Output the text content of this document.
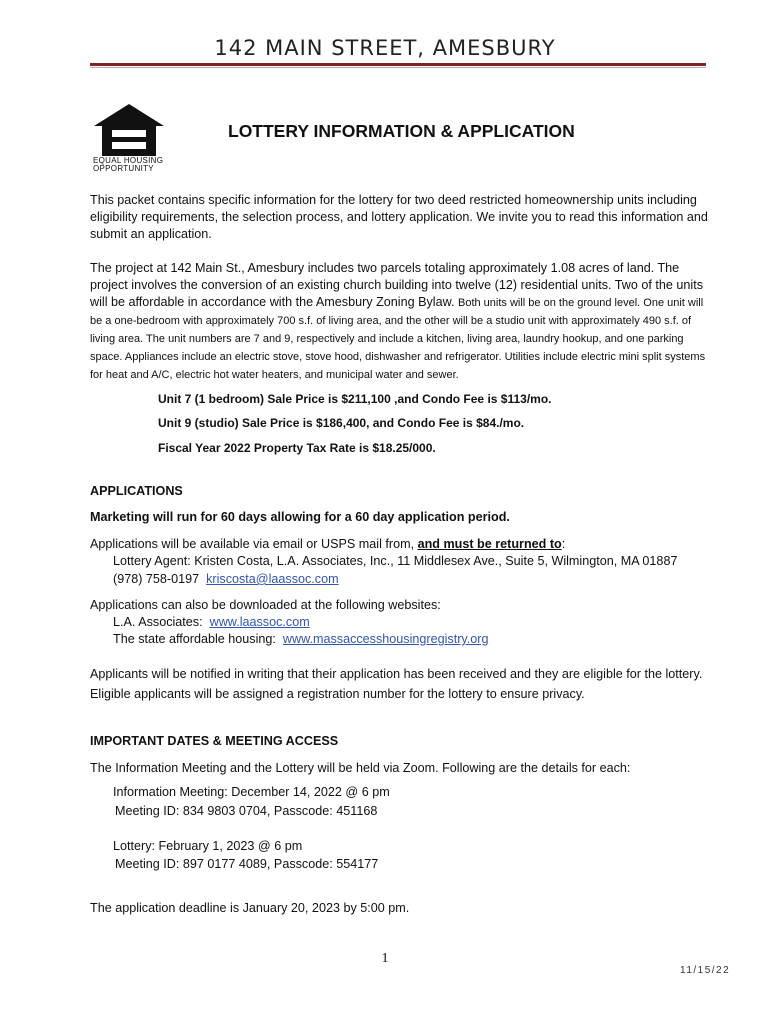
142 MAIN STREET, AMESBURY
EQUAL HOUSING
OPPORTUNITY
LOTTERY INFORMATION & APPLICATION

This packet contains specific information for the lottery for two deed restricted homeownership units including eligibility requirements, the selection process, and lottery application. We invite you to read this information and submit an application.

The project at 142 Main St., Amesbury includes two parcels totaling approximately 1.08 acres of land. The project involves the conversion of an existing church building into twelve (12) residential units. Two of the units will be affordable in accordance with the Amesbury Zoning Bylaw. Both units will be on the ground level. One unit will be a one-bedroom with approximately 700 s.f. of living area, and the other will be a studio unit with approximately 490 s.f. of living area. The unit numbers are 7 and 9, respectively and include a kitchen, living area, laundry hookup, and one parking space. Appliances include an electric stove, stove hood, dishwasher and refrigerator. Utilities include electric mini split systems for heat and A/C, electric hot water heaters, and municipal water and sewer.

Unit 7 (1 bedroom) Sale Price is $211,100 ,and Condo Fee is $113/mo.
Unit 9 (studio) Sale Price is $186,400, and Condo Fee is $84./mo.
Fiscal Year 2022 Property Tax Rate is $18.25/000.
APPLICATIONS
Marketing will run for 60 days allowing for a 60 day application period.
Applications will be available via email or USPS mail from, and must be returned to:
Lottery Agent: Kristen Costa, L.A. Associates, Inc., 11 Middlesex Ave., Suite 5, Wilmington, MA 01887
(978) 758-0197 kriscosta@laassoc.com
Applications can also be downloaded at the following websites:
L.A. Associates: www.laassoc.com
The state affordable housing: www.massaccesshousingregistry.org
Applicants will be notified in writing that their application has been received and they are eligible for the lottery.
Eligible applicants will be assigned a registration number for the lottery to ensure privacy.
IMPORTANT DATES & MEETING ACCESS
The Information Meeting and the Lottery will be held via Zoom. Following are the details for each:
Information Meeting: December 14, 2022 @ 6 pm
Meeting ID: 834 9803 0704, Passcode: 451168
Lottery: February 1, 2023 @ 6 pm
Meeting ID: 897 0177 4089, Passcode: 554177
The application deadline is January 20, 2023 by 5:00 pm.
1
11/15/22
